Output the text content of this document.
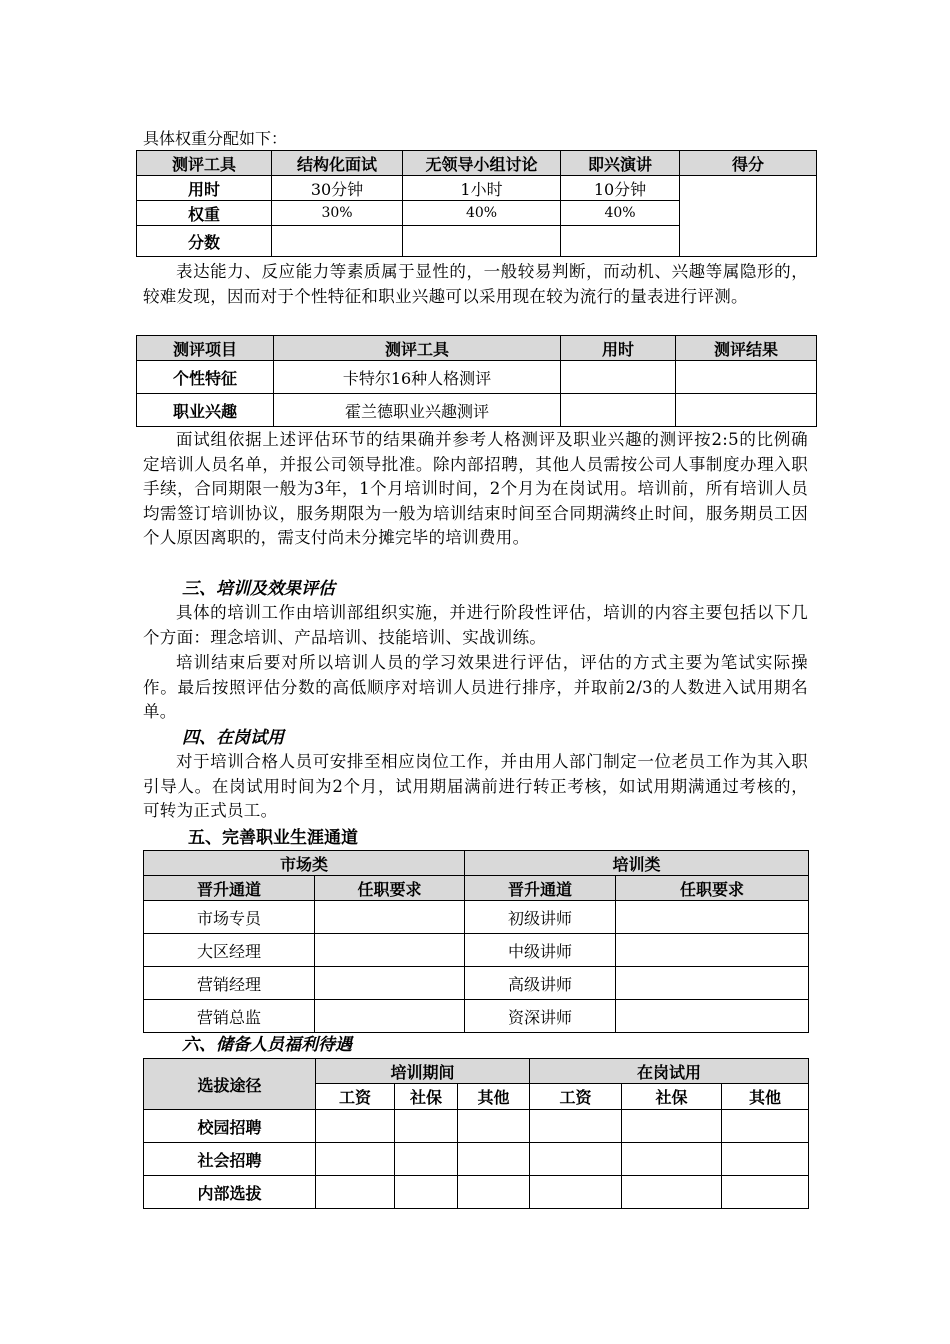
具体权重分配如下：
测评工具	结构化面试	无领导小组讨论	即兴演讲	得分
用时	30分钟	1小时	10分钟	
权重	30%	40%	40%	
分数				
表达能力、反应能力等素质属于显性的，一般较易判断，而动机、兴趣等属隐形的，较难发现，因而对于个性特征和职业兴趣可以采用现在较为流行的量表进行评测。
测评项目	测评工具	用时	测评结果
个性特征	卡特尔16种人格测评		
职业兴趣	霍兰德职业兴趣测评		
面试组依据上述评估环节的结果确并参考人格测评及职业兴趣的测评按2:5的比例确定培训人员名单，并报公司领导批准。除内部招聘，其他人员需按公司人事制度办理入职手续，合同期限一般为3年，1个月培训时间，2个月为在岗试用。培训前，所有培训人员均需签订培训协议，服务期限为一般为培训结束时间至合同期满终止时间，服务期员工因个人原因离职的，需支付尚未分摊完毕的培训费用。
三、培训及效果评估
具体的培训工作由培训部组织实施，并进行阶段性评估，培训的内容主要包括以下几个方面：理念培训、产品培训、技能培训、实战训练。
培训结束后要对所以培训人员的学习效果进行评估，评估的方式主要为笔试实际操作。最后按照评估分数的高低顺序对培训人员进行排序，并取前2/3的人数进入试用期名单。
四、在岗试用
对于培训合格人员可安排至相应岗位工作，并由用人部门制定一位老员工作为其入职引导人。在岗试用时间为2个月，试用期届满前进行转正考核，如试用期满通过考核的，可转为正式员工。
五、完善职业生涯通道
市场类		培训类	
晋升通道	任职要求	晋升通道	任职要求
市场专员		初级讲师	
大区经理		中级讲师	
营销经理		高级讲师	
营销总监		资深讲师	
六、储备人员福利待遇
选拔途径	培训期间			在岗试用		
	工资	社保	其他	工资	社保	其他
校园招聘						
社会招聘						
内部选拔						
